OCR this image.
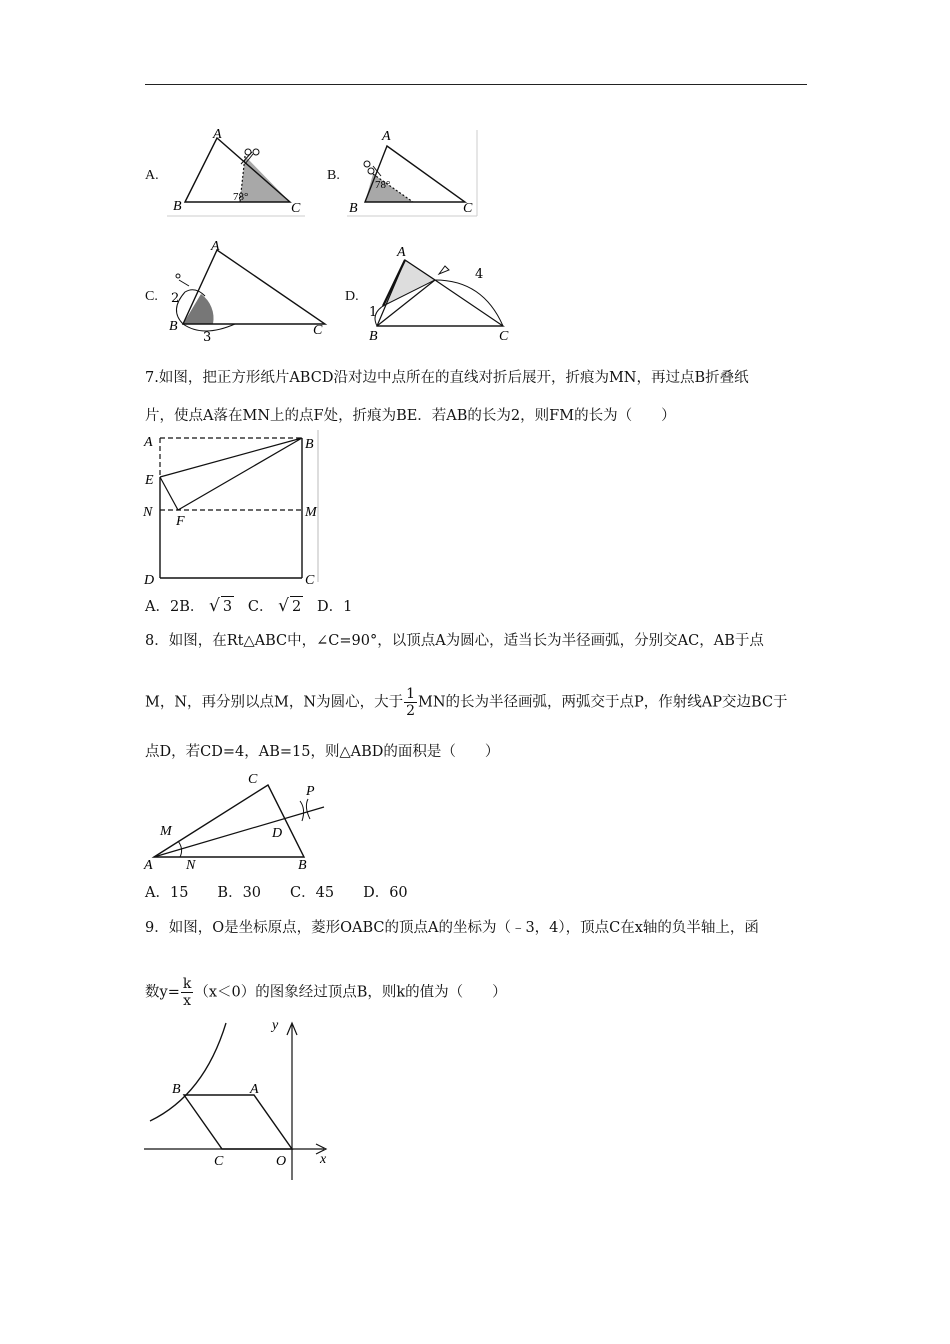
A.
A
B	C
78°
B.
A
B	C
78°
C.
A
B	C
2
3
D.
A
B	C
1
4
7.如图，把正方形纸片ABCD沿对边中点所在的直线对折后展开，折痕为MN，再过点B折叠纸
片，使点A落在MN上的点F处，折痕为BE．若AB的长为2，则FM的长为（　　）
A	B
E
N
F
M
D	C
A．2B． √ 3 C． √ 2 D．1
8．如图，在Rt△ABC中，∠C=90°，以顶点A为圆心，适当长为半径画弧，分别交AC，AB于点
M，N，再分别以点M，N为圆心，大于 $\frac{1}{2}$ MN的长为半径画弧，两弧交于点P，作射线AP交边BC于
点D，若CD=4，AB=15，则△ABD的面积是（　　）
C
P
M	D
A N	B
A．15　　B．30　　C．45　　D．60
9．如图，O是坐标原点，菱形OABC的顶点A的坐标为（﹣3，4），顶点C在x轴的负半轴上，函
数$y= \frac{k}{x} (x<0)$的图象经过顶点B，则k的值为（　　）
y
x
B	A
C	O
